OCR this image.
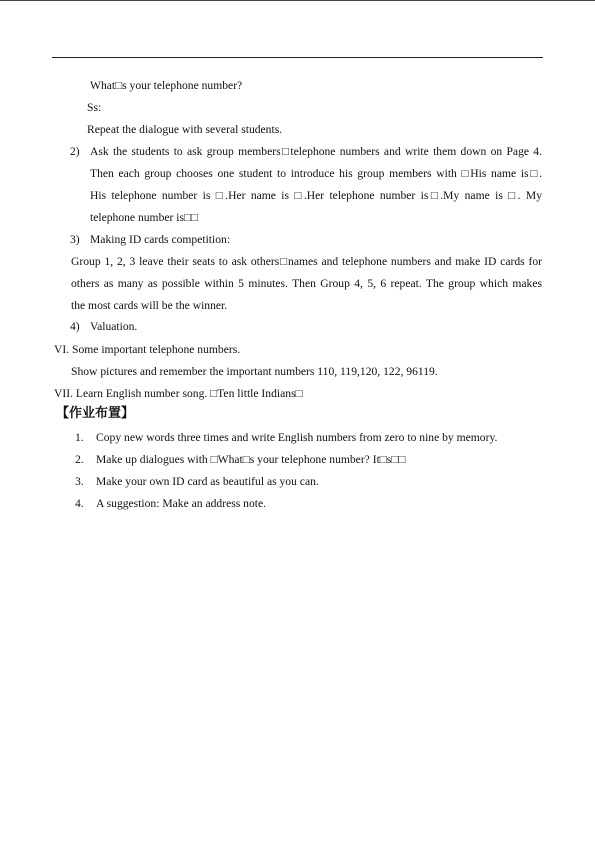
What□s your telephone number?
Ss:
Repeat the dialogue with several students.
2) Ask the students to ask group members□telephone numbers and write them down on Page 4.
Then each group chooses one student to introduce his group members with □His name is□.
His telephone number is □.Her name is □.Her telephone number is□.My name is □. My
telephone number is□□
3) Making ID cards competition:
Group 1, 2, 3 leave their seats to ask others□names and telephone numbers and make ID cards for
others as many as possible within 5 minutes. Then Group 4, 5, 6 repeat. The group which makes
the most cards will be the winner.
4) Valuation.
VI. Some important telephone numbers.
Show pictures and remember the important numbers 110, 119,120, 122, 96119.
VII. Learn English number song. □Ten little Indians□
【作业布置】
1. Copy new words three times and write English numbers from zero to nine by memory.
2. Make up dialogues with □What□s your telephone number? It□s□□
3. Make your own ID card as beautiful as you can.
4. A suggestion: Make an address note.
